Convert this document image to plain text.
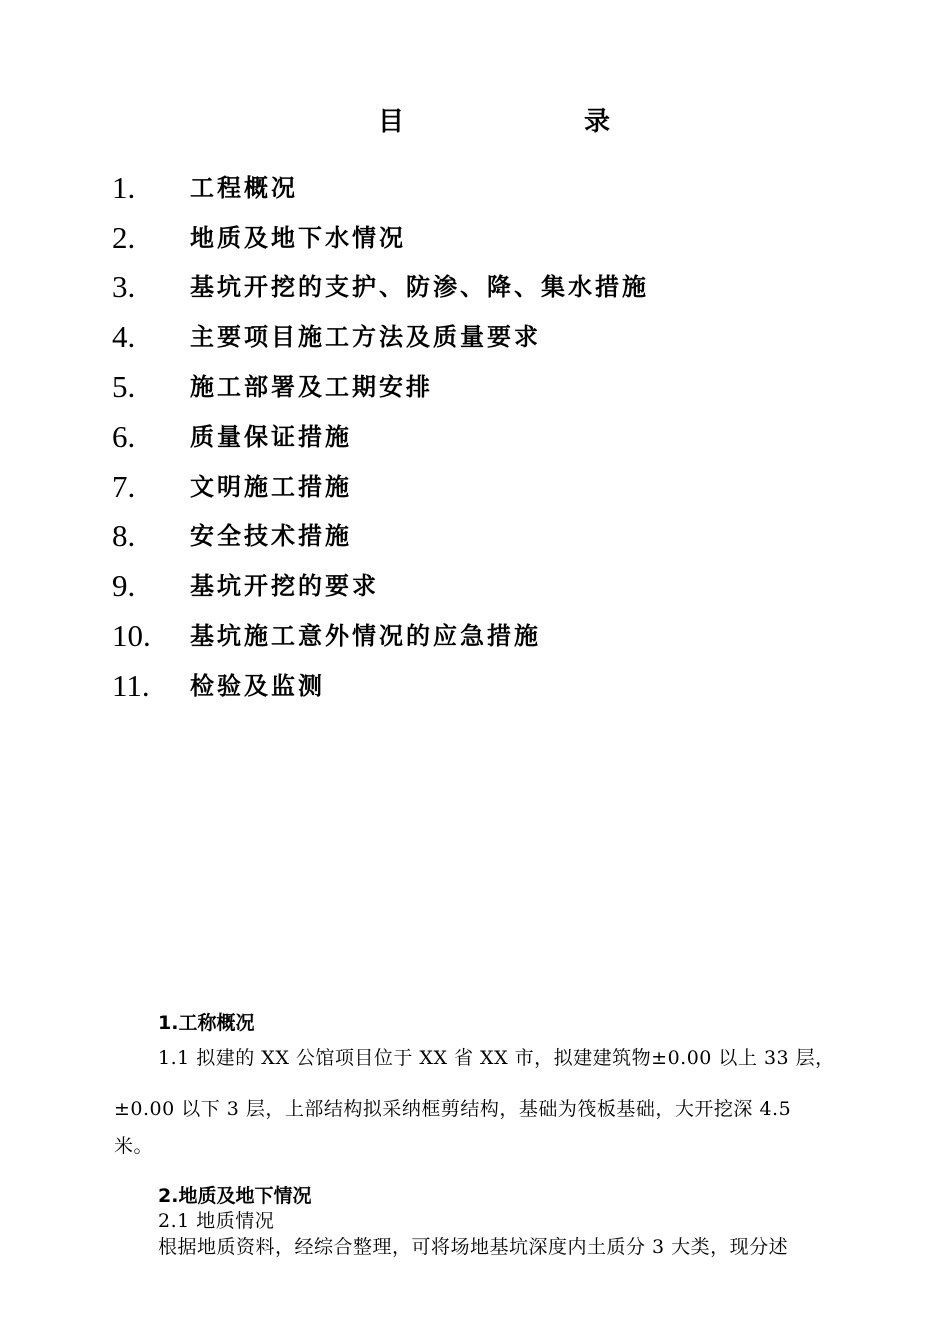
目	录
1.	工程概况
2.	地质及地下水情况
3.	基坑开挖的支护、防渗、降、集水措施
4.	主要项目施工方法及质量要求
5.	施工部署及工期安排
6.	质量保证措施
7.	文明施工措施
8.	安全技术措施
9.	基坑开挖的要求
10.	基坑施工意外情况的应急措施
11.	检验及监测
1.工称概况
1.1 拟建的 XX 公馆项目位于 XX 省 XX 市，拟建建筑物±0.00 以上 33 层，
±0.00 以下 3 层，上部结构拟采纳框剪结构，基础为筏板基础，大开挖深 4.5
米。
2.地质及地下情况
2.1 地质情况
根据地质资料，经综合整理，可将场地基坑深度内土质分 3 大类，现分述
